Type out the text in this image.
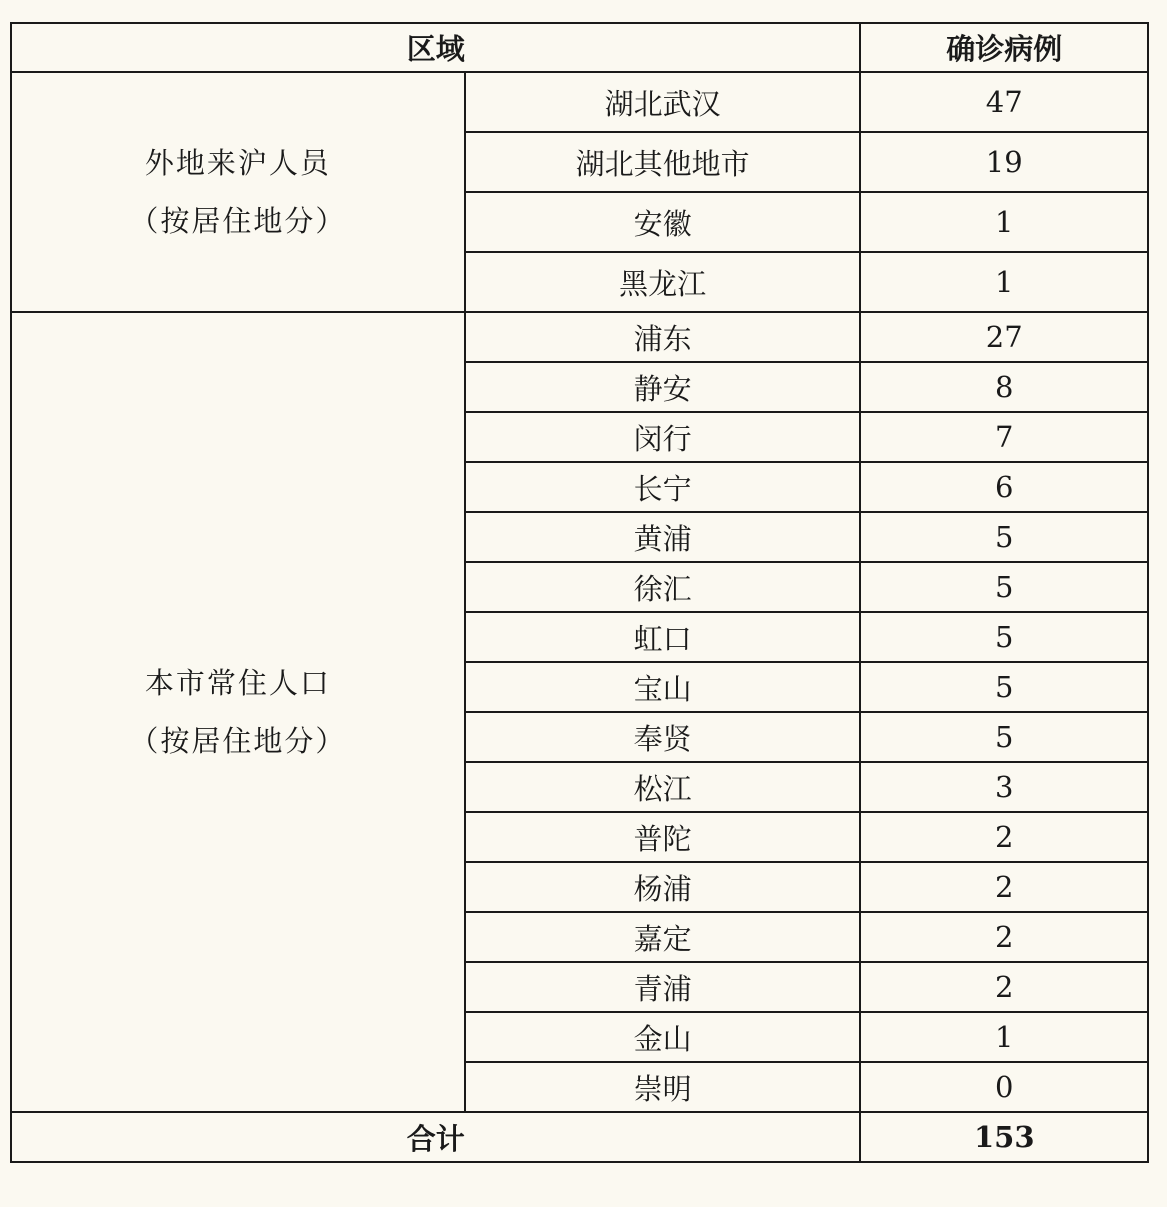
区域		确诊病例

外地来沪人员
（按居住地分）	湖北武汉	47
	湖北其他地市	19
	安徽	1
	黑龙江	1

本市常住人口
（按居住地分）	浦东	27
	静安	8
	闵行	7
	长宁	6
	黄浦	5
	徐汇	5
	虹口	5
	宝山	5
	奉贤	5
	松江	3
	普陀	2
	杨浦	2
	嘉定	2
	青浦	2
	金山	1
	崇明	0
合计		153
